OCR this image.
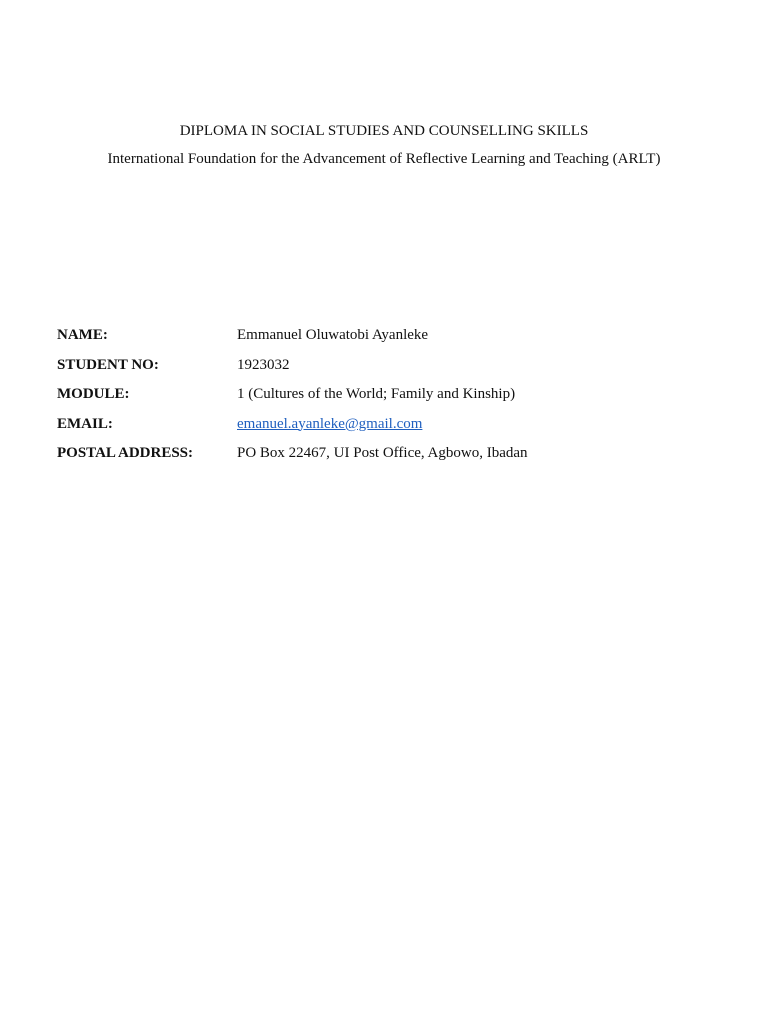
DIPLOMA IN SOCIAL STUDIES AND COUNSELLING SKILLS
International Foundation for the Advancement of Reflective Learning and Teaching (ARLT)
NAME:	Emmanuel Oluwatobi Ayanleke
STUDENT NO:	1923032
MODULE:	1 (Cultures of the World; Family and Kinship)
EMAIL:	emanuel.ayanleke@gmail.com
POSTAL ADDRESS:	PO Box 22467, UI Post Office, Agbowo, Ibadan
